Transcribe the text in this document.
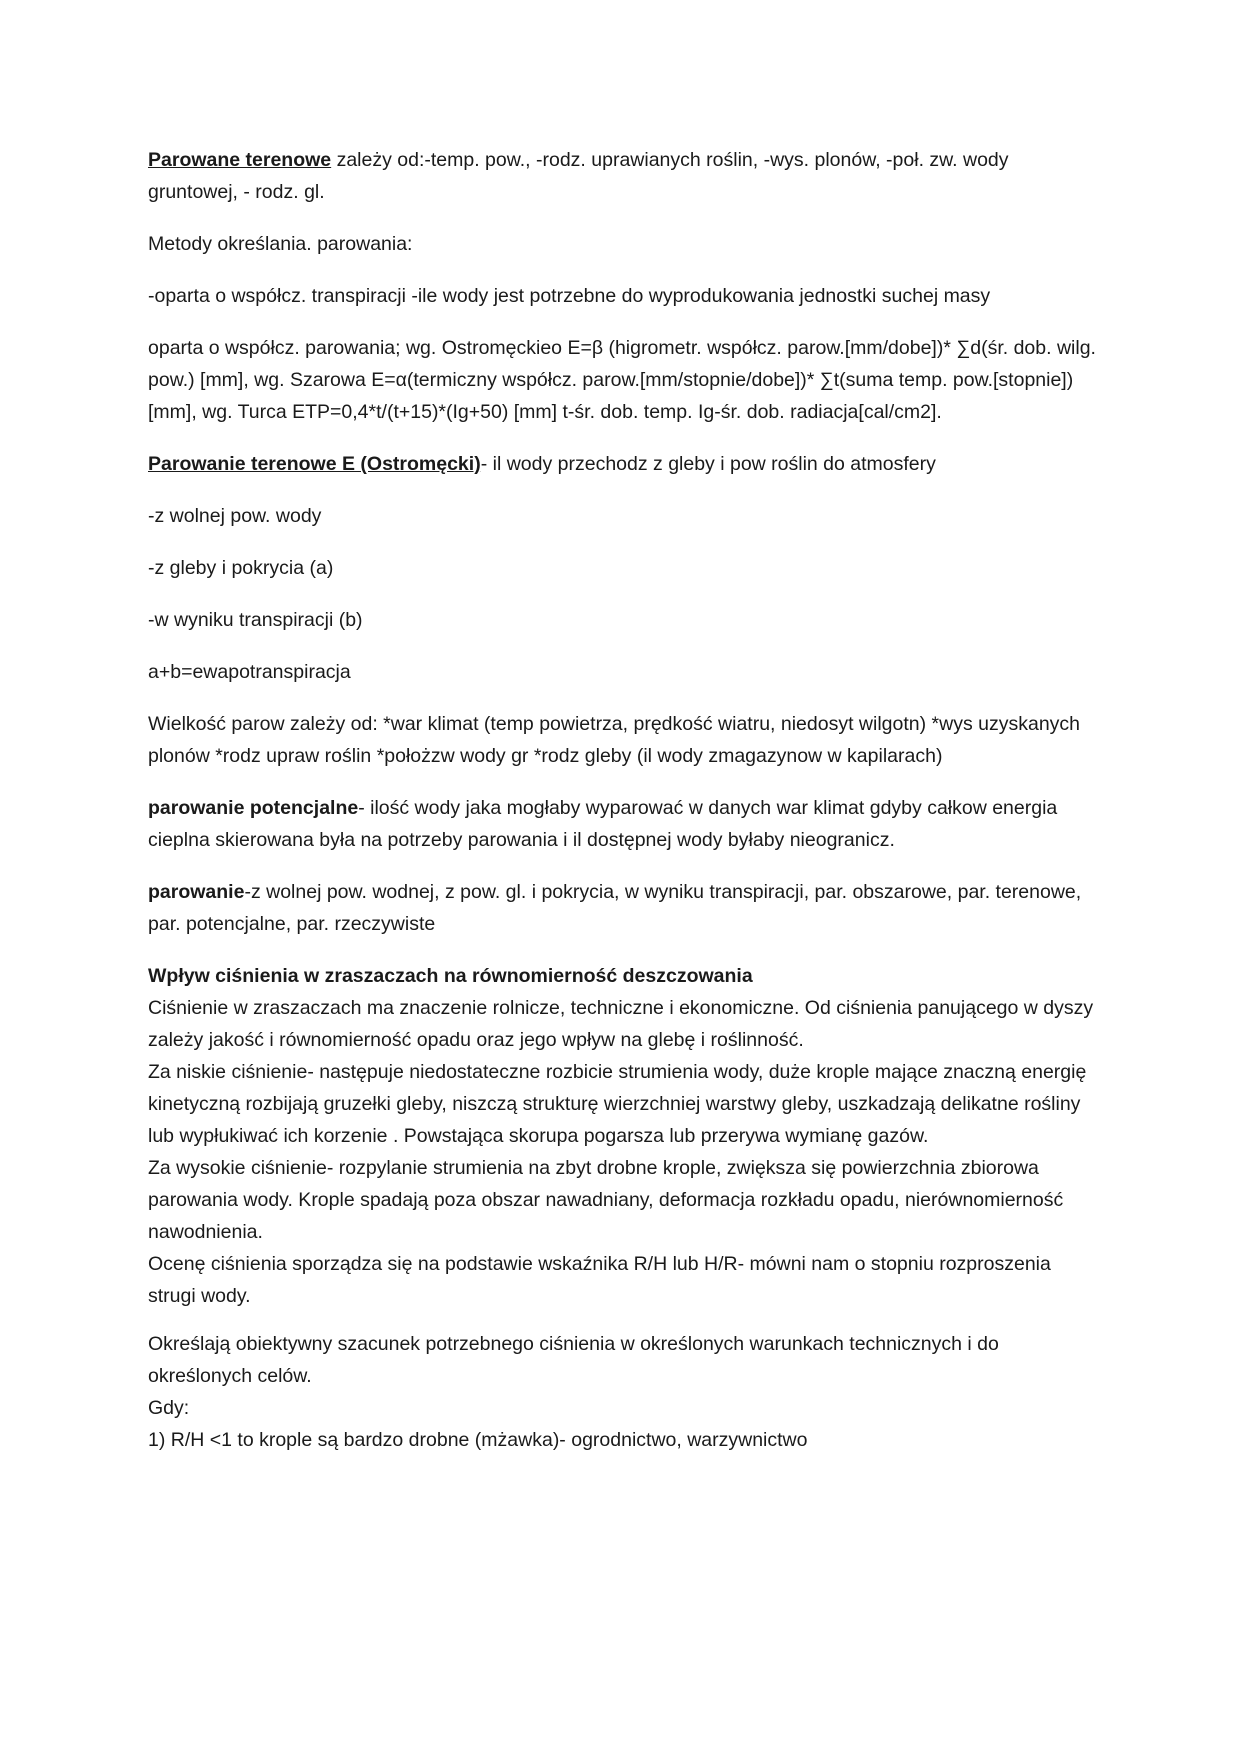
Parowane terenowe zależy od:-temp. pow., -rodz. uprawianych roślin, -wys. plonów, -poł. zw. wody gruntowej, - rodz. gl.

Metody określania. parowania:

-oparta o współcz. transpiracji -ile wody jest potrzebne do wyprodukowania jednostki suchej masy

oparta o współcz. parowania; wg. Ostromęckieo E=β (higrometr. współcz. parow.[mm/dobe])* ∑d(śr. dob. wilg. pow.) [mm], wg. Szarowa E=α(termiczny współcz. parow.[mm/stopnie/dobe])* ∑t(suma temp. pow.[stopnie]) [mm], wg. Turca ETP=0,4*t/(t+15)*(Ig+50) [mm] t-śr. dob. temp. Ig-śr. dob. radiacja[cal/cm2].

Parowanie terenowe E (Ostromęcki)- il wody przechodz z gleby i pow roślin do atmosfery

-z wolnej pow. wody

-z gleby i pokrycia (a)

-w wyniku transpiracji (b)

a+b=ewapotranspiracja

Wielkość parow zależy od: *war klimat (temp powietrza, prędkość wiatru, niedosyt wilgotn) *wys uzyskanych plonów *rodz upraw roślin *położzw wody gr *rodz gleby (il wody zmagazynow w kapilarach)

parowanie potencjalne- ilość wody jaka mogłaby wyparować w danych war klimat gdyby całkow energia cieplna skierowana była na potrzeby parowania i il dostępnej wody byłaby nieogranicz.

parowanie-z wolnej pow. wodnej, z pow. gl. i pokrycia, w wyniku transpiracji, par. obszarowe, par. terenowe, par. potencjalne, par. rzeczywiste

Wpływ ciśnienia w zraszaczach na równomierność deszczowania

Ciśnienie w zraszaczach ma znaczenie rolnicze, techniczne i ekonomiczne. Od ciśnienia panującego w dyszy zależy jakość i równomierność opadu oraz jego wpływ na glebę i roślinność.

Za niskie ciśnienie- następuje niedostateczne rozbicie strumienia wody, duże krople mające znaczną energię kinetyczną rozbijają gruzełki gleby, niszczą strukturę wierzchniej warstwy gleby, uszkadzają delikatne rośliny lub wypłukiwać ich korzenie . Powstająca skorupa pogarsza lub przerywa wymianę gazów.

Za wysokie ciśnienie- rozpylanie strumienia na zbyt drobne krople, zwiększa się powierzchnia zbiorowa parowania wody. Krople spadają poza obszar nawadniany, deformacja rozkładu opadu, nierównomierność nawodnienia.

Ocenę ciśnienia sporządza się na podstawie wskaźnika R/H lub H/R- mówni nam o stopniu rozproszenia strugi wody.

Określają obiektywny szacunek potrzebnego ciśnienia w określonych warunkach technicznych i do określonych celów.

Gdy:

1) R/H <1 to krople są bardzo drobne (mżawka)- ogrodnictwo, warzywnictwo
